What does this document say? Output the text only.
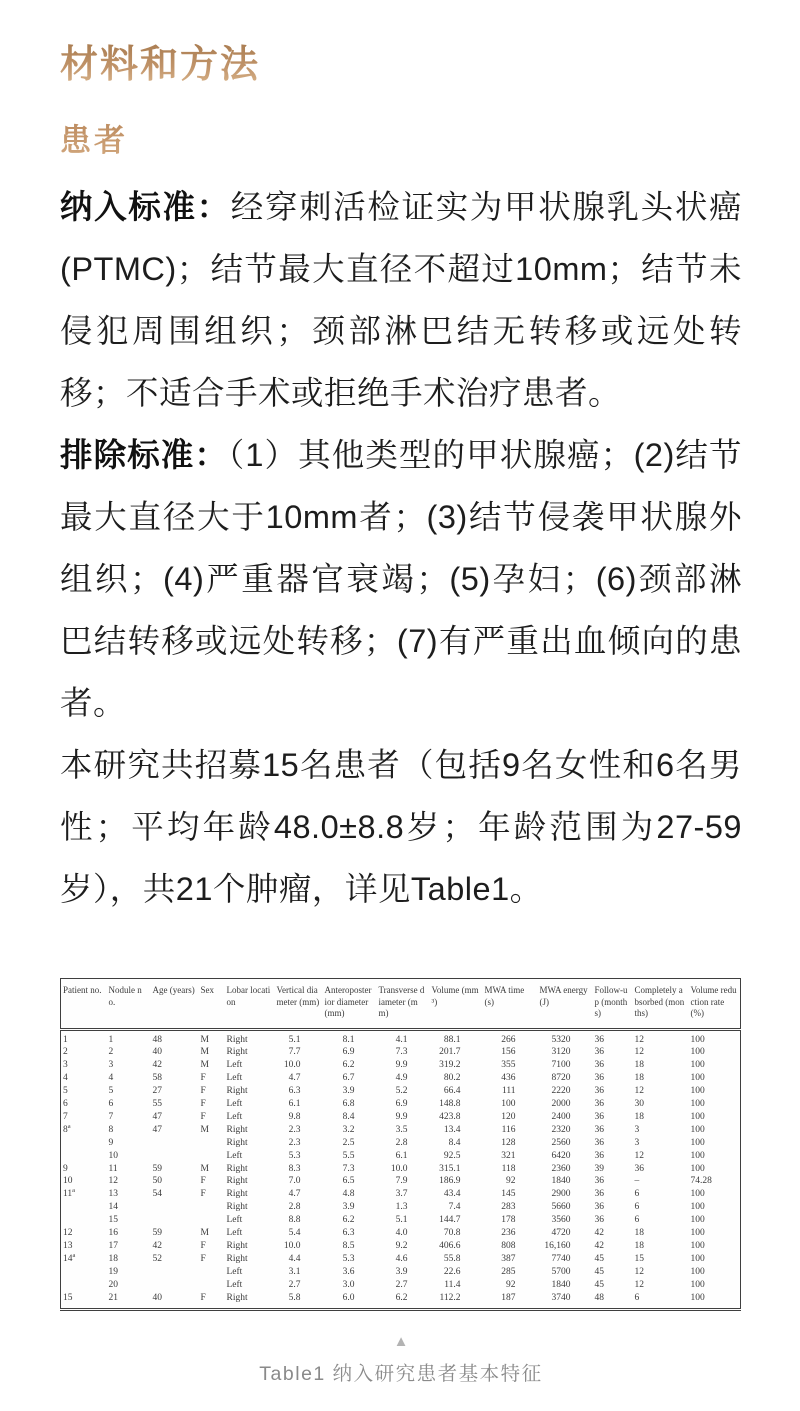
材料和方法
患者

纳入标准：经穿刺活检证实为甲状腺乳头状癌(PTMC)；结节最大直径不超过10mm；结节未侵犯周围组织；颈部淋巴结无转移或远处转移；不适合手术或拒绝手术治疗患者。

排除标准：（1）其他类型的甲状腺癌；(2)结节最大直径大于10mm者；(3)结节侵袭甲状腺外组织；(4)严重器官衰竭；(5)孕妇；(6)颈部淋巴结转移或远处转移；(7)有严重出血倾向的患者。

本研究共招募15名患者（包括9名女性和6名男性；平均年龄48.0±8.8岁；年龄范围为27-59岁），共21个肿瘤，详见Table1。

Patient no.	Nodule no.	Age (years)	Sex	Lobar location	Vertical diameter (mm)	Anteroposterior diameter (mm)	Transverse diameter (mm)	Volume (mm³)	MWA time (s)	MWA energy (J)	Follow-up (months)	Completely absorbed (months)	Volume reduction rate (%)
1	1	48	M	Right	5.1	8.1	4.1	88.1	266	5320	36	12	100
2	2	40	M	Right	7.7	6.9	7.3	201.7	156	3120	36	12	100
3	3	42	M	Left	10.0	6.2	9.9	319.2	355	7100	36	18	100
4	4	58	F	Left	4.7	6.7	4.9	80.2	436	8720	36	18	100
5	5	27	F	Right	6.3	3.9	5.2	66.4	111	2220	36	12	100
6	6	55	F	Left	6.1	6.8	6.9	148.8	100	2000	36	30	100
7	7	47	F	Left	9.8	8.4	9.9	423.8	120	2400	36	18	100
8$^a$	8	47	M	Right	2.3	3.2	3.5	13.4	116	2320	36	3	100
	9			Right	2.3	2.5	2.8	8.4	128	2560	36	3	100
	10			Left	5.3	5.5	6.1	92.5	321	6420	36	12	100
9	11	59	M	Right	8.3	7.3	10.0	315.1	118	2360	39	36	100
10	12	50	F	Right	7.0	6.5	7.9	186.9	92	1840	36	–	74.28
11$^a$	13	54	F	Right	4.7	4.8	3.7	43.4	145	2900	36	6	100
	14			Right	2.8	3.9	1.3	7.4	283	5660	36	6	100
	15			Left	8.8	6.2	5.1	144.7	178	3560	36	6	100
12	16	59	M	Left	5.4	6.3	4.0	70.8	236	4720	42	18	100
13	17	42	F	Right	10.0	8.5	9.2	406.6	808	16,160	42	18	100
14$^a$	18	52	F	Right	4.4	5.3	4.6	55.8	387	7740	45	15	100
	19			Left	3.1	3.6	3.9	22.6	285	5700	45	12	100
	20			Left	2.7	3.0	2.7	11.4	92	1840	45	12	100
15	21	40	F	Right	5.8	6.0	6.2	112.2	187	3740	48	6	100
▲
Table1 纳入研究患者基本特征
